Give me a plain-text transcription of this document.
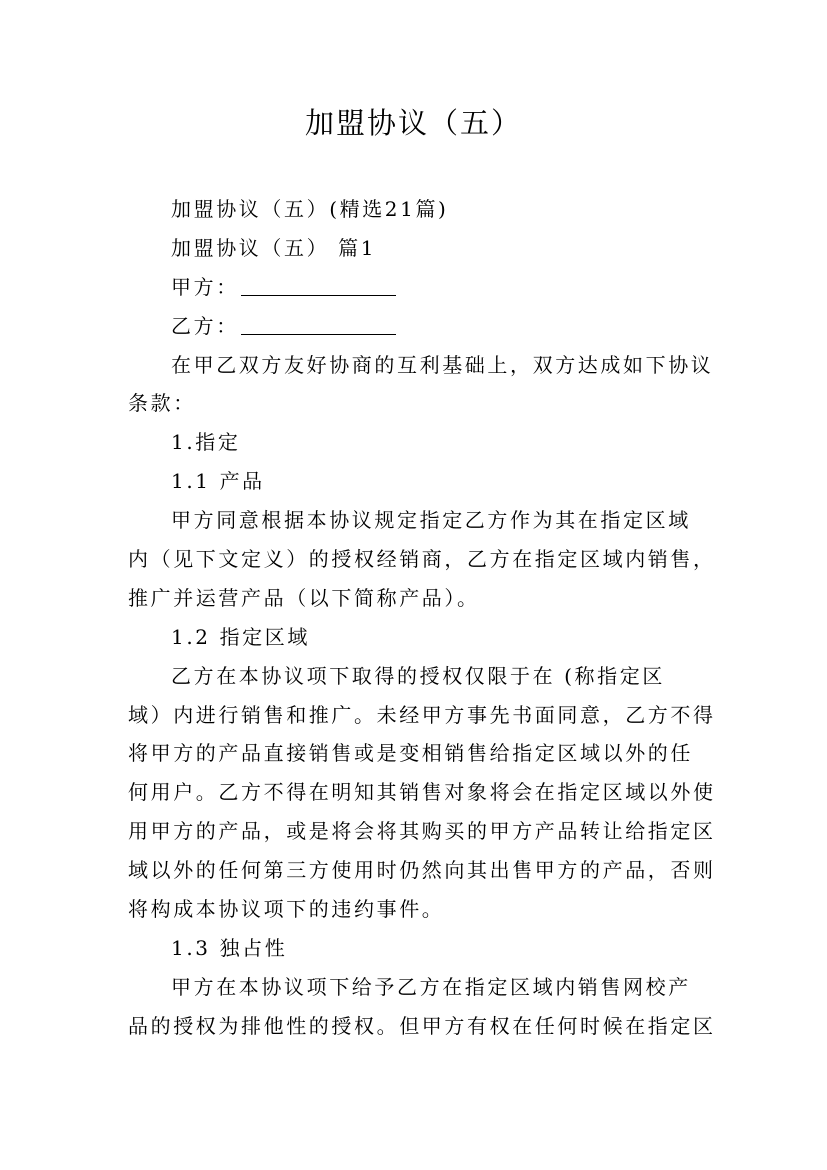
加盟协议（五）
加盟协议（五）(精选21篇)
加盟协议（五） 篇1
甲方：
乙方：
在甲乙双方友好协商的互利基础上，双方达成如下协议
条款：
1.指定
1.1 产品
甲方同意根据本协议规定指定乙方作为其在指定区域
内（见下文定义）的授权经销商，乙方在指定区域内销售，
推广并运营产品（以下简称产品）。
1.2 指定区域
乙方在本协议项下取得的授权仅限于在 (称指定区
域）内进行销售和推广。未经甲方事先书面同意，乙方不得
将甲方的产品直接销售或是变相销售给指定区域以外的任
何用户。乙方不得在明知其销售对象将会在指定区域以外使
用甲方的产品，或是将会将其购买的甲方产品转让给指定区
域以外的任何第三方使用时仍然向其出售甲方的产品，否则
将构成本协议项下的违约事件。
1.3 独占性
甲方在本协议项下给予乙方在指定区域内销售网校产
品的授权为排他性的授权。但甲方有权在任何时候在指定区
